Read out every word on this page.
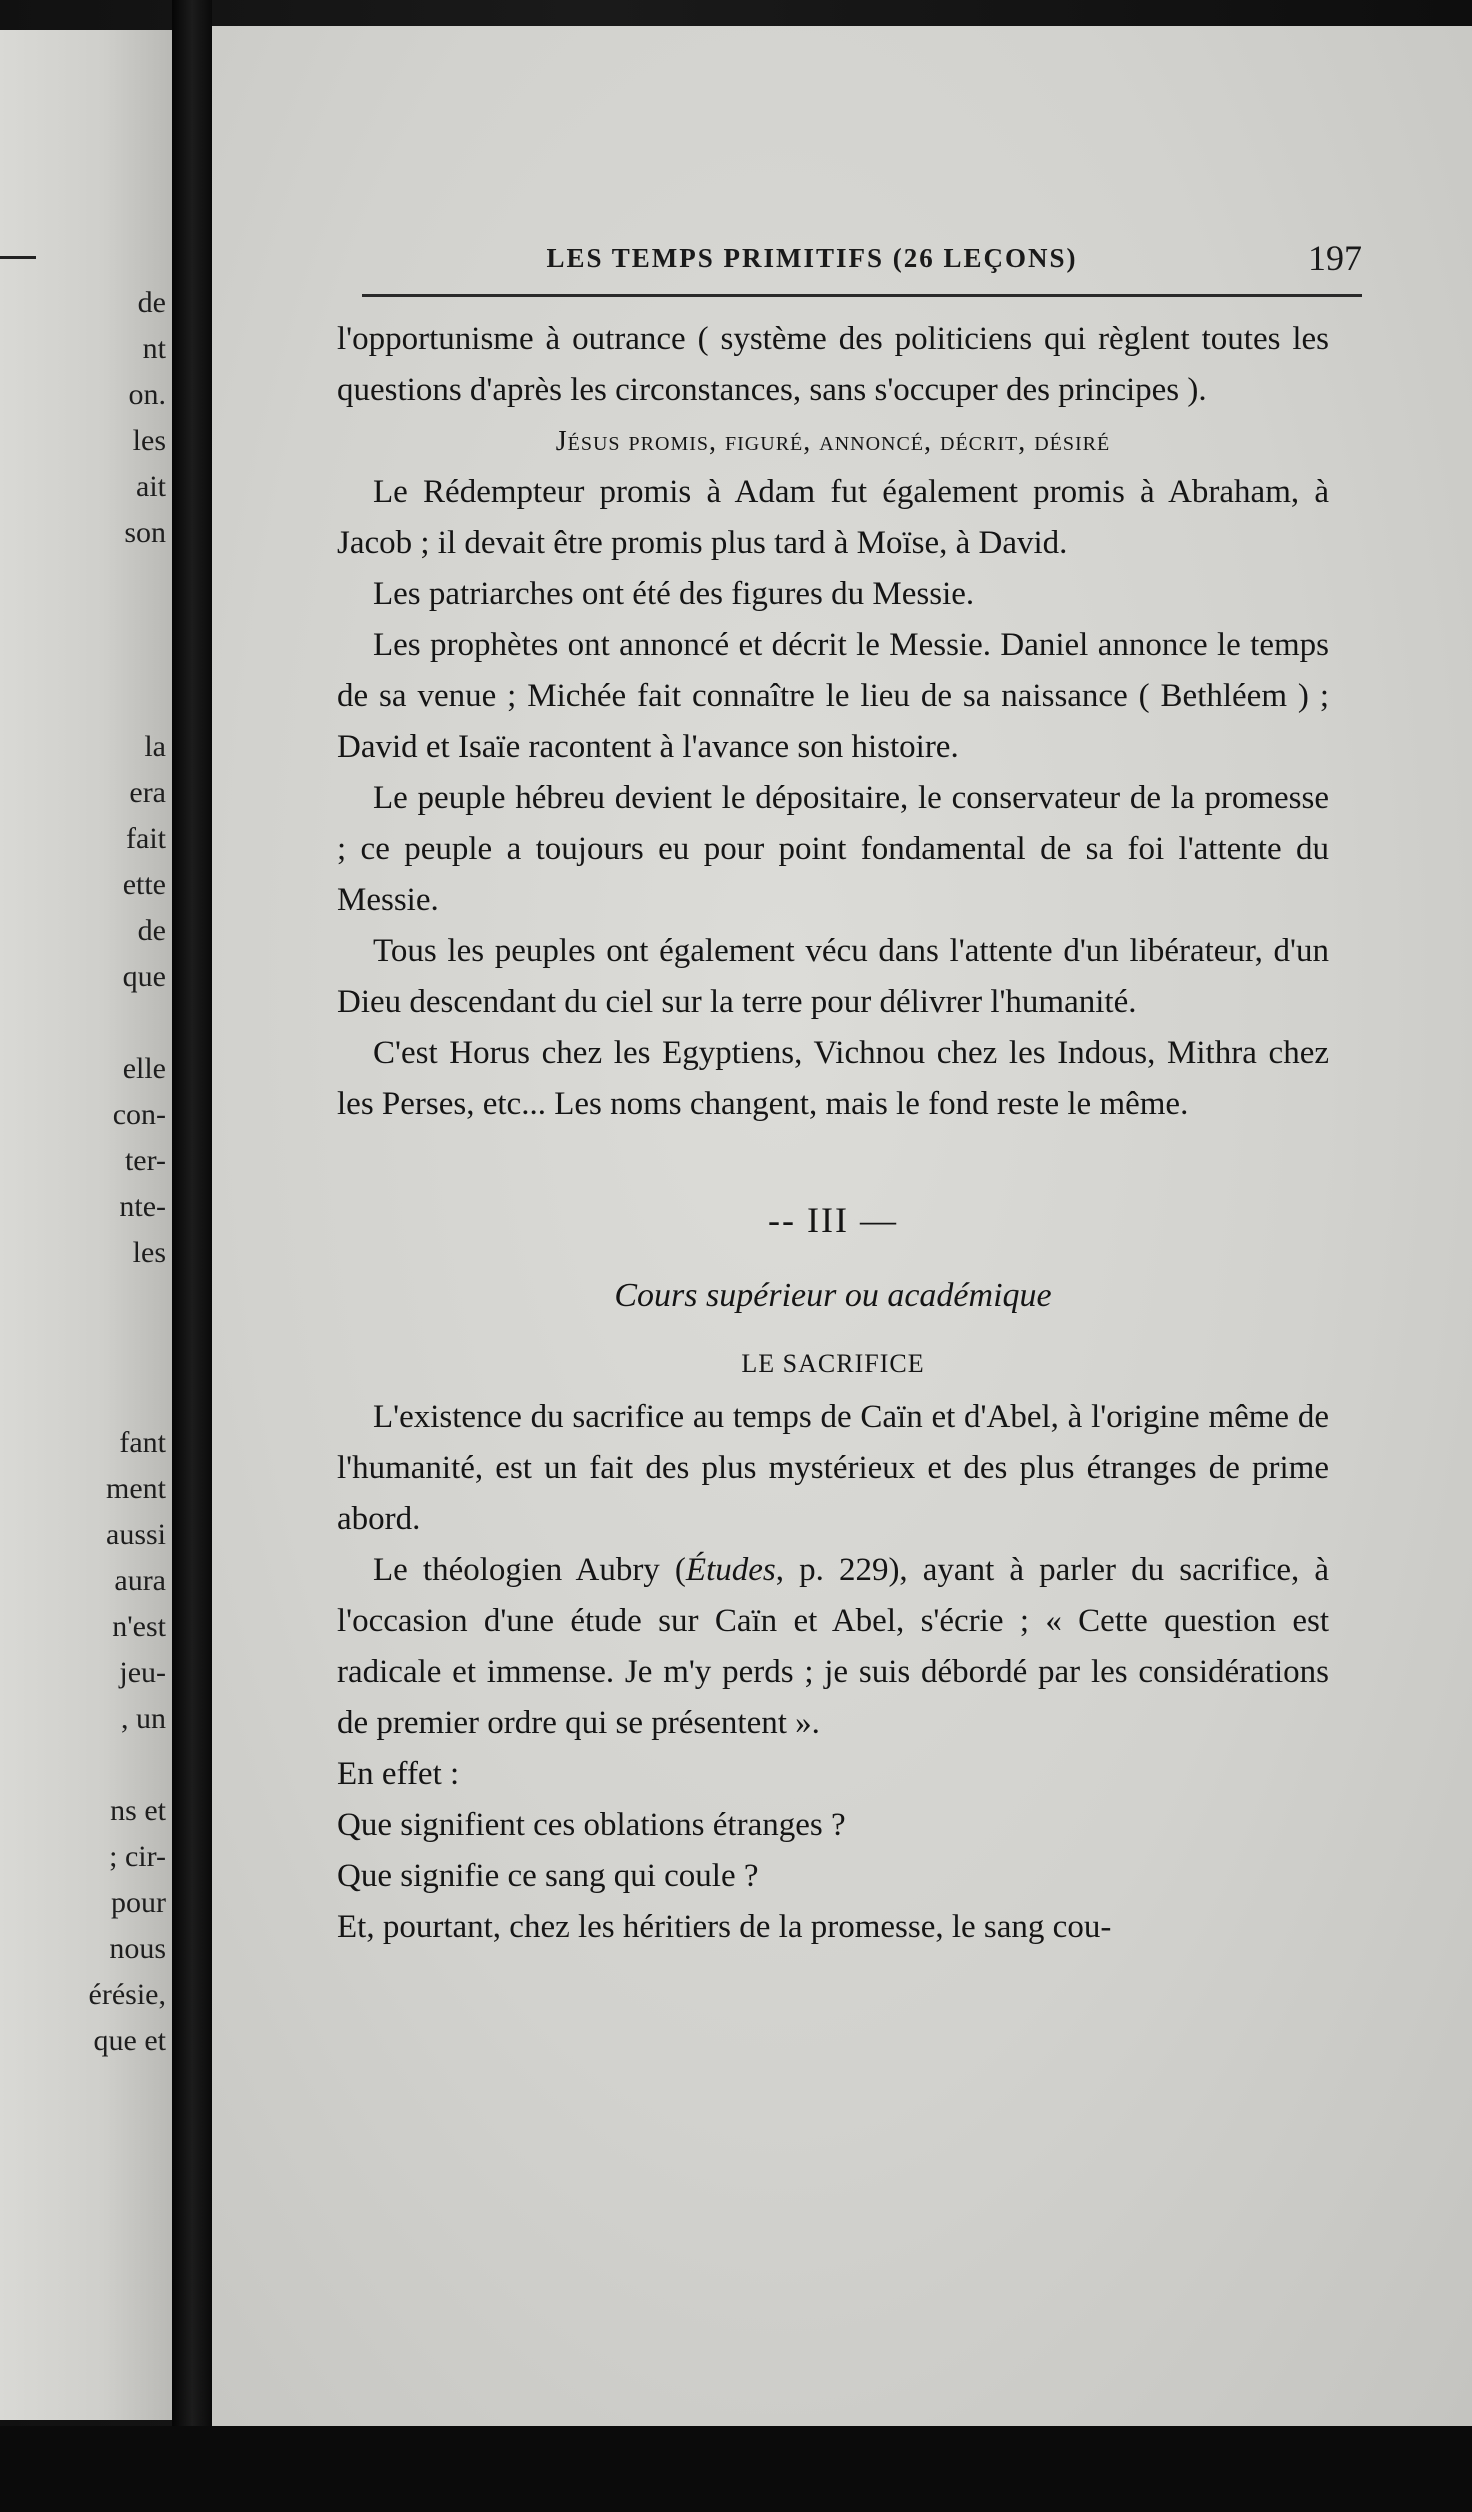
de
nt
on.
les
ait
son
la
era
fait
ette
de
que
elle
con-
ter-
nte-
les
fant
ment
aussi
aura
n'est
jeu-
, un
ns et
; cir-
pour
nous
érésie,
que et
LES TEMPS PRIMITIFS (26 LEÇONS)	197

l'opportunisme à outrance ( système des politiciens qui règlent toutes les questions d'après les circonstances, sans s'occuper des principes ).

Jésus promis, figuré, annoncé, décrit, désiré

Le Rédempteur promis à Adam fut également promis à Abraham, à Jacob ; il devait être promis plus tard à Moïse, à David.

Les patriarches ont été des figures du Messie.

Les prophètes ont annoncé et décrit le Messie. Daniel annonce le temps de sa venue ; Michée fait connaître le lieu de sa naissance ( Bethléem ) ; David et Isaïe racontent à l'avance son histoire.

Le peuple hébreu devient le dépositaire, le conservateur de la promesse ; ce peuple a toujours eu pour point fondamental de sa foi l'attente du Messie.

Tous les peuples ont également vécu dans l'attente d'un libérateur, d'un Dieu descendant du ciel sur la terre pour délivrer l'humanité.

C'est Horus chez les Egyptiens, Vichnou chez les Indous, Mithra chez les Perses, etc... Les noms changent, mais le fond reste le même.

-- III —

Cours supérieur ou académique

LE SACRIFICE

L'existence du sacrifice au temps de Caïn et d'Abel, à l'origine même de l'humanité, est un fait des plus mystérieux et des plus étranges de prime abord.

Le théologien Aubry (Études, p. 229), ayant à parler du sacrifice, à l'occasion d'une étude sur Caïn et Abel, s'écrie ; « Cette question est radicale et immense. Je m'y perds ; je suis débordé par les considérations de premier ordre qui se présentent ».

En effet :

Que signifient ces oblations étranges ?

Que signifie ce sang qui coule ?

Et, pourtant, chez les héritiers de la promesse, le sang cou-
